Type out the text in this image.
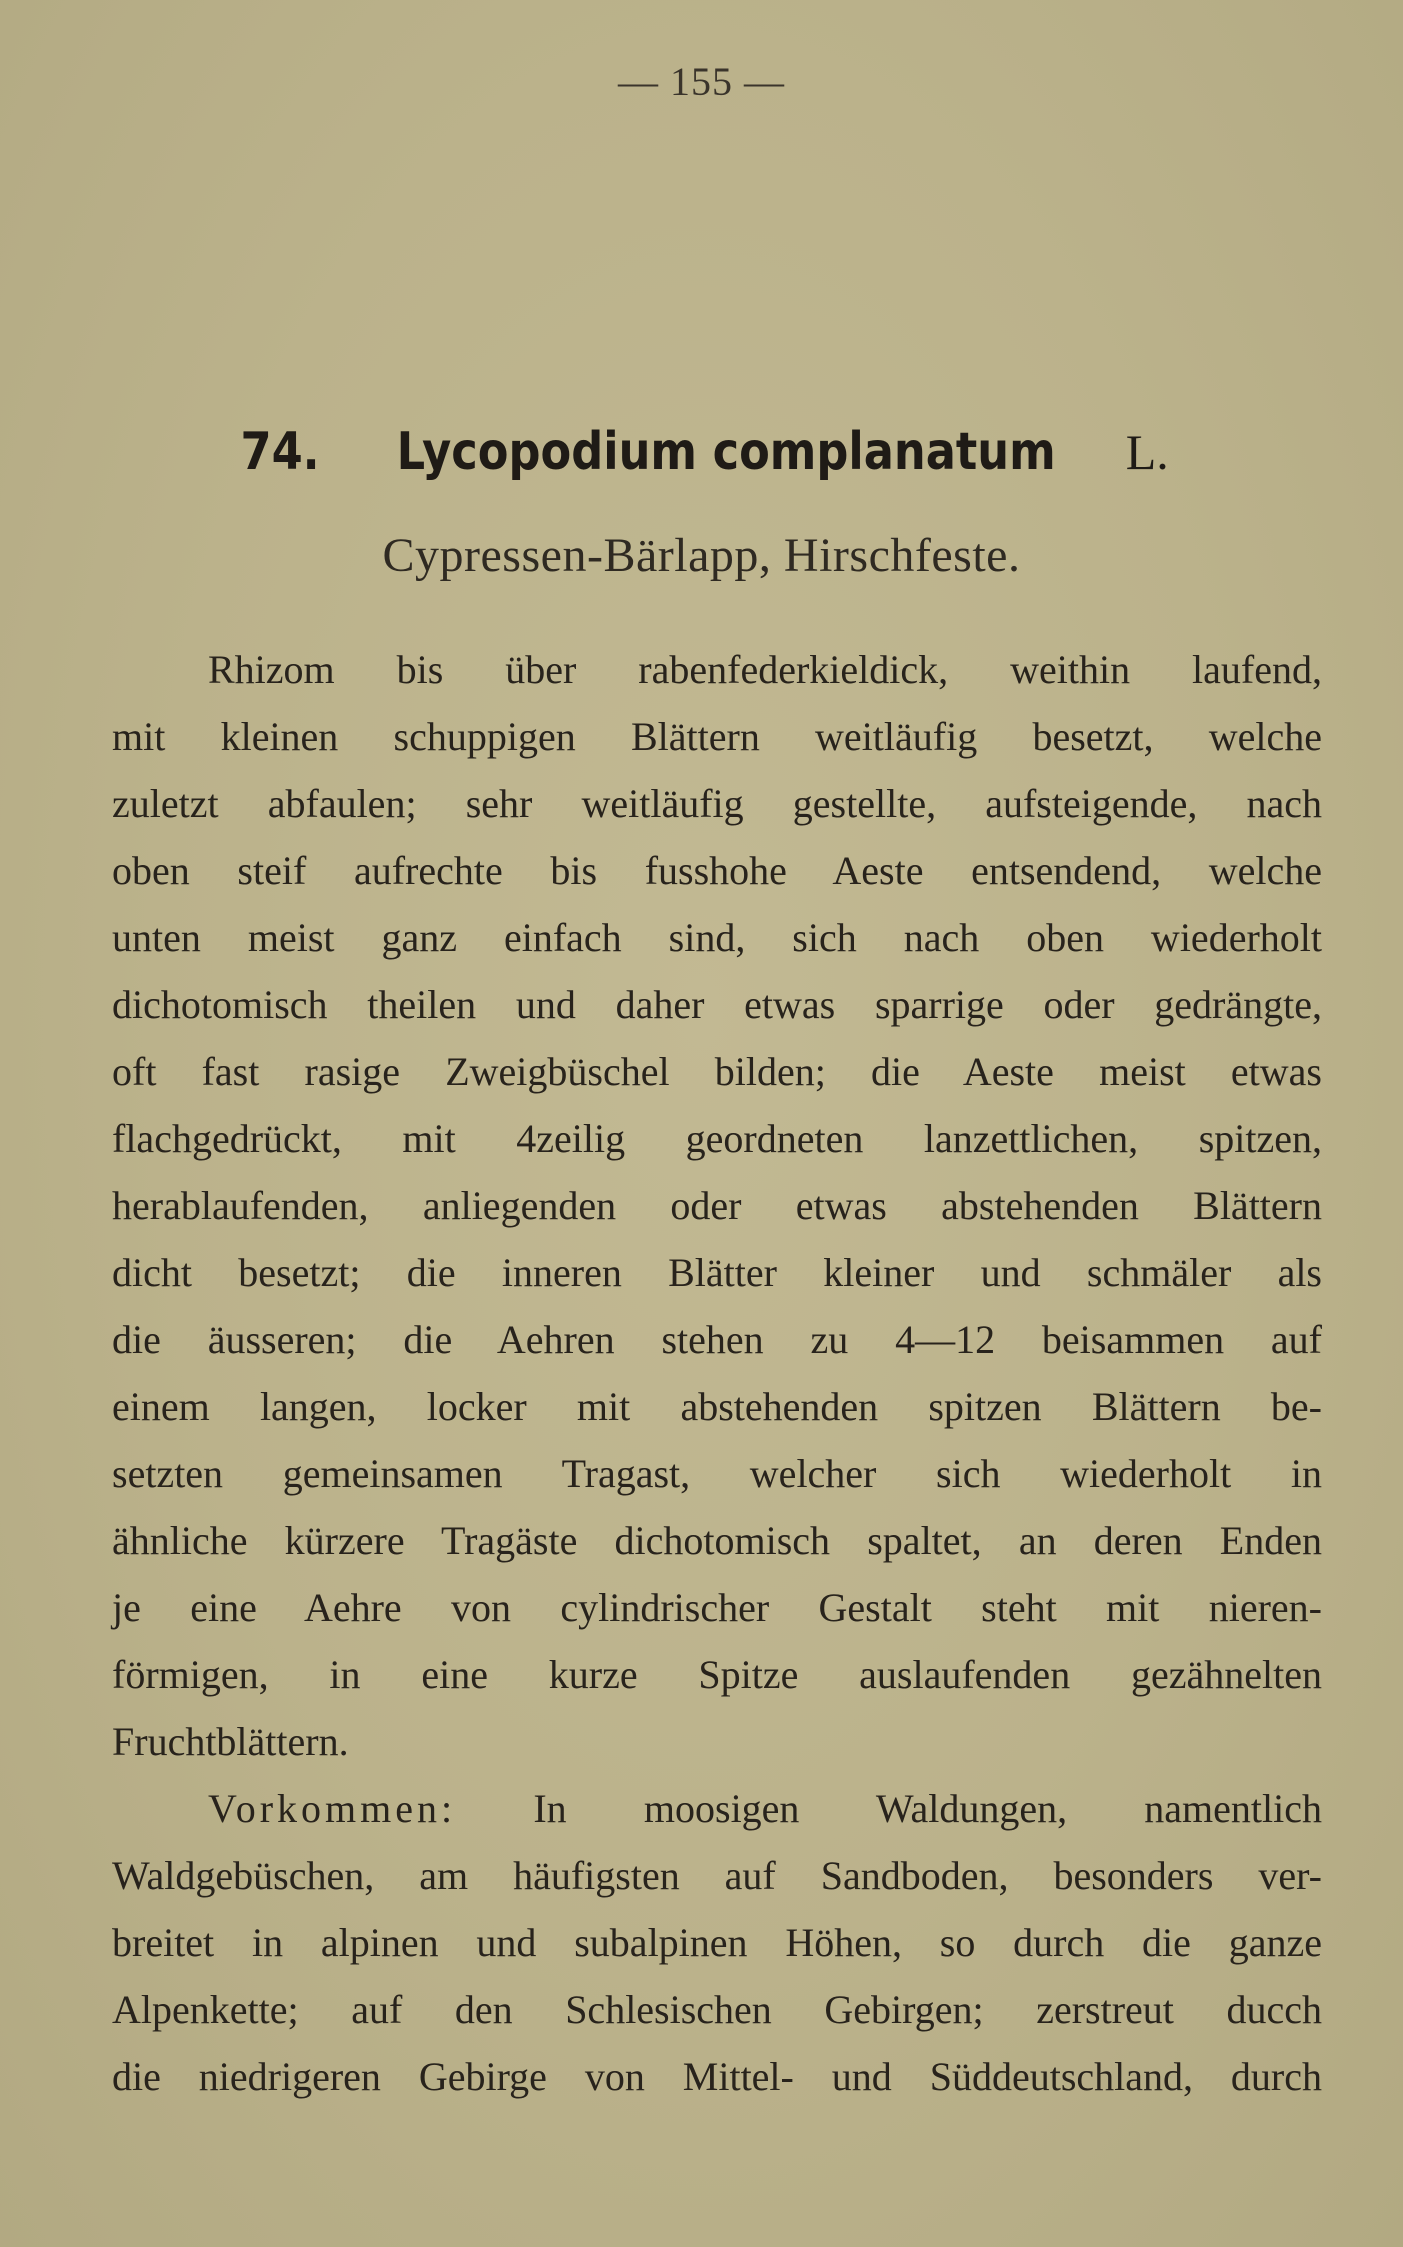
— 155 —
74. Lycopodium complanatum L.
Cypressen-Bärlapp, Hirschfeste.
Rhizom bis über rabenfederkieldick, weithin laufend,
mit kleinen schuppigen Blättern weitläufig besetzt, welche
zuletzt abfaulen; sehr weitläufig gestellte, aufsteigende, nach
oben steif aufrechte bis fusshohe Aeste entsendend, welche
unten meist ganz einfach sind, sich nach oben wiederholt
dichotomisch theilen und daher etwas sparrige oder gedrängte,
oft fast rasige Zweigbüschel bilden; die Aeste meist etwas
flachgedrückt, mit 4zeilig geordneten lanzettlichen, spitzen,
herablaufenden, anliegenden oder etwas abstehenden Blättern
dicht besetzt; die inneren Blätter kleiner und schmäler als
die äusseren; die Aehren stehen zu 4—12 beisammen auf
einem langen, locker mit abstehenden spitzen Blättern be-
setzten gemeinsamen Tragast, welcher sich wiederholt in
ähnliche kürzere Tragäste dichotomisch spaltet, an deren Enden
je eine Aehre von cylindrischer Gestalt steht mit nieren-
förmigen, in eine kurze Spitze auslaufenden gezähnelten
Fruchtblättern.
Vorkommen: In moosigen Waldungen, namentlich
Waldgebüschen, am häufigsten auf Sandboden, besonders ver-
breitet in alpinen und subalpinen Höhen, so durch die ganze
Alpenkette; auf den Schlesischen Gebirgen; zerstreut ducch
die niedrigeren Gebirge von Mittel- und Süddeutschland, durch
